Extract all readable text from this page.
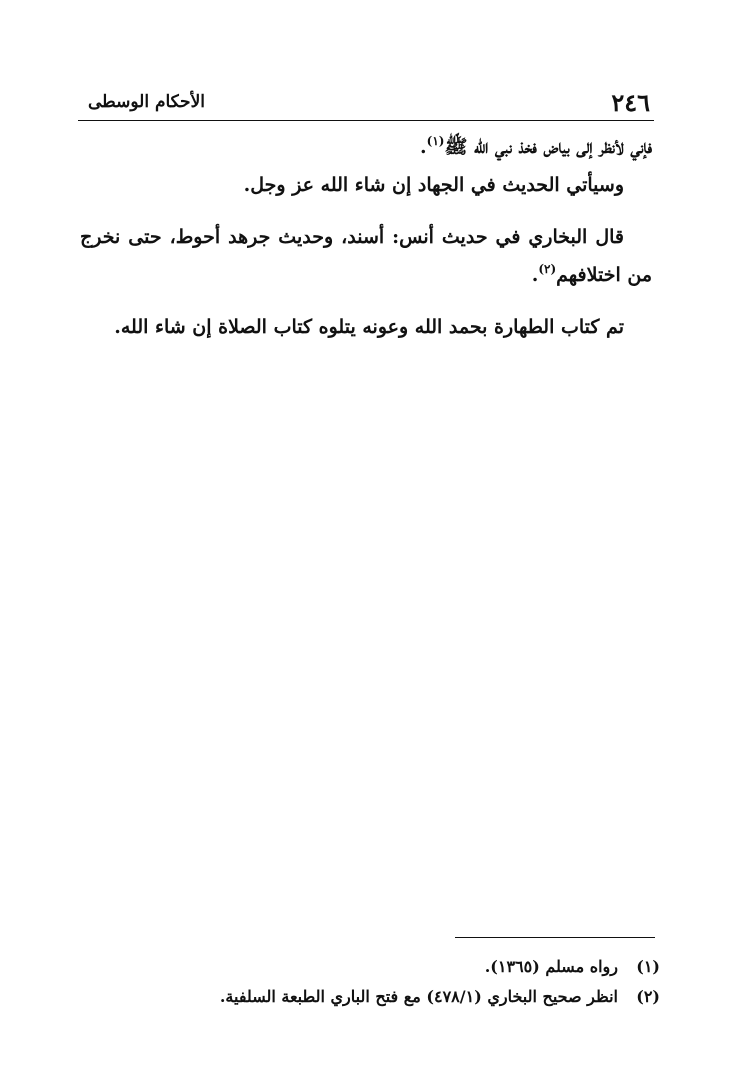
٢٤٦
الأحكام الوسطى

فإني لأنظر إلى بياض فخذ نبي الله ﷺ$^{(١)}$.

وسيأتي الحديث في الجهاد إن شاء الله عز وجل.

قال البخاري في حديث أنس: أسند، وحديث جرهد أحوط، حتى نخرج من اختلافهم$^{(٢)}$.

تم كتاب الطهارة بحمد الله وعونه يتلوه كتاب الصلاة إن شاء الله.

(١)
رواه مسلم (١٣٦٥).
(٢)
انظر صحيح البخاري (٤٧٨/١) مع فتح الباري الطبعة السلفية.
